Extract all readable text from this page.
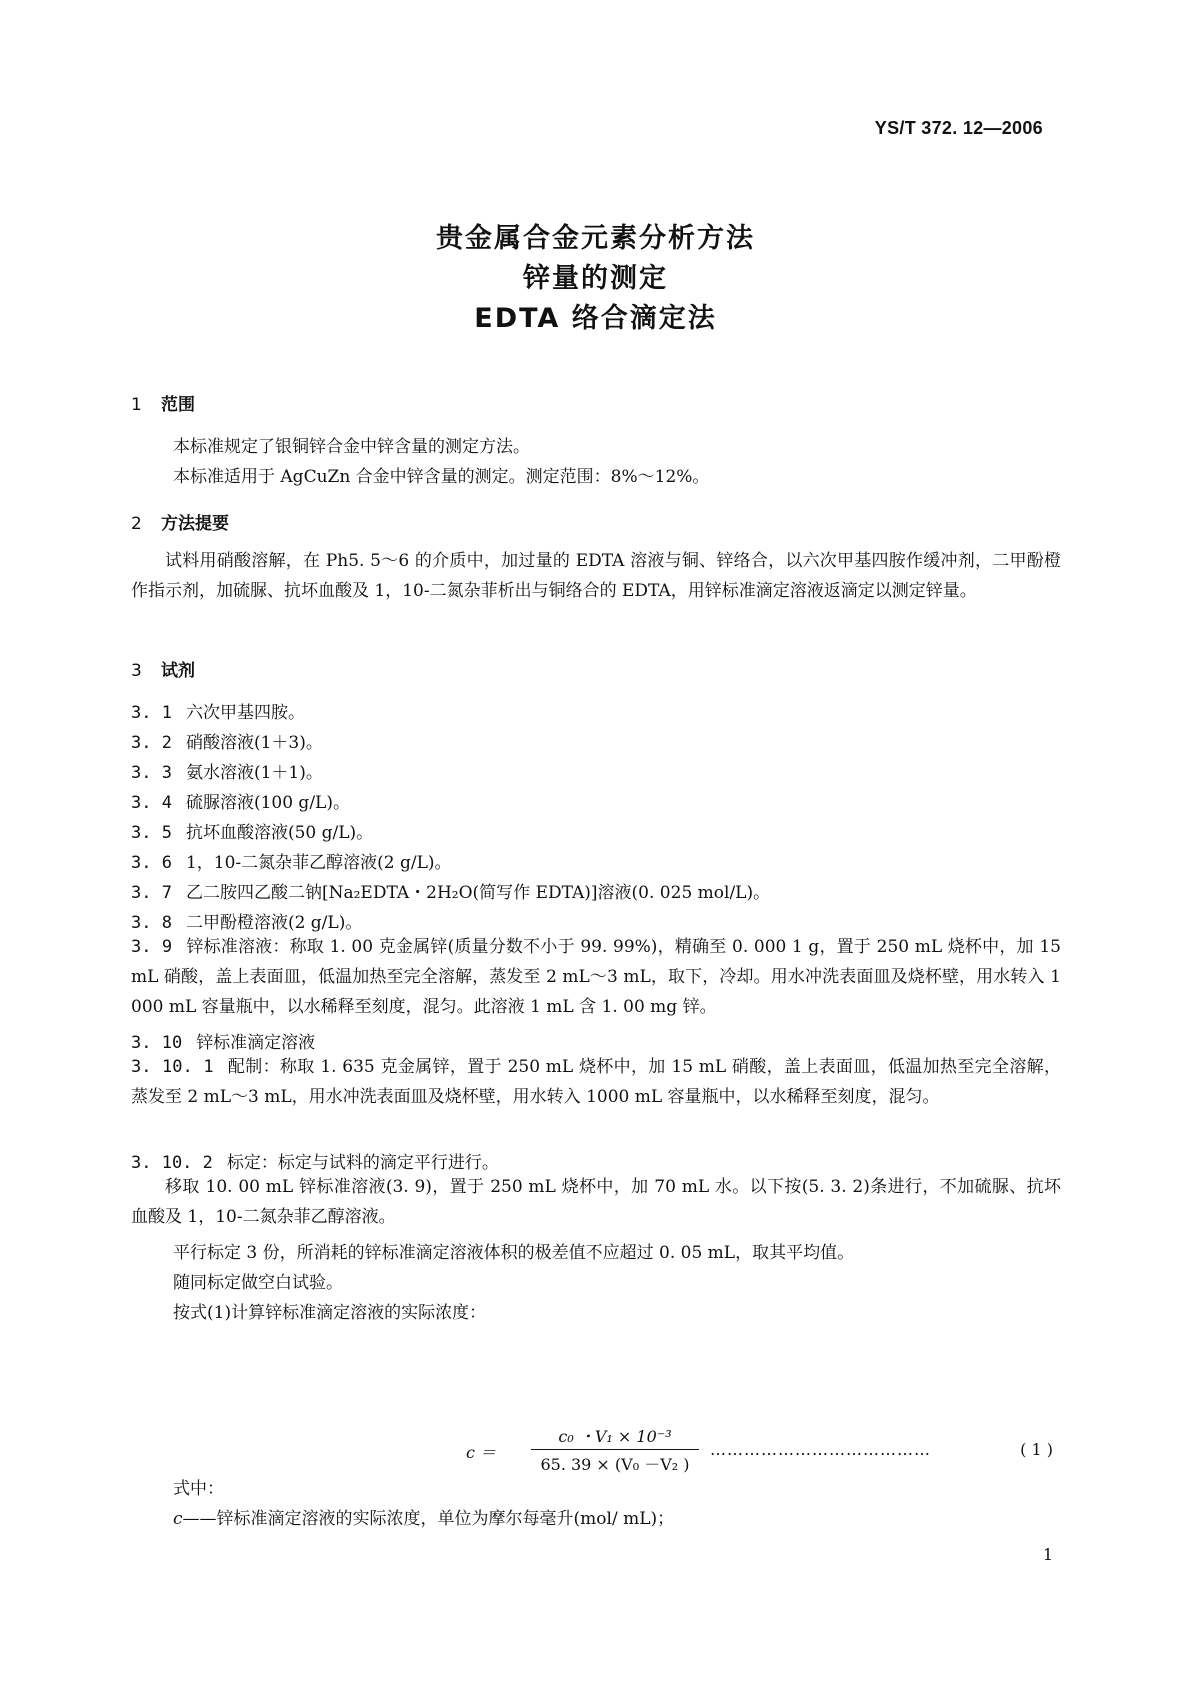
YS/T 372. 12—2006
贵金属合金元素分析方法
锌量的测定
EDTA 络合滴定法
1 范围
本标准规定了银铜锌合金中锌含量的测定方法。
本标准适用于 AgCuZn 合金中锌含量的测定。测定范围：8%～12%。
2 方法提要
试料用硝酸溶解，在 Ph5. 5～6 的介质中，加过量的 EDTA 溶液与铜、锌络合，以六次甲基四胺作缓冲剂，二甲酚橙作指示剂，加硫脲、抗坏血酸及 1，10-二氮杂菲析出与铜络合的 EDTA，用锌标准滴定溶液返滴定以测定锌量。
3 试剂
3. 1 六次甲基四胺。
3. 2 硝酸溶液(1＋3)。
3. 3 氨水溶液(1＋1)。
3. 4 硫脲溶液(100 g/L)。
3. 5 抗坏血酸溶液(50 g/L)。
3. 6 1，10-二氮杂菲乙醇溶液(2 g/L)。
3. 7 乙二胺四乙酸二钠[Na₂EDTA・2H₂O(简写作 EDTA)]溶液(0. 025 mol/L)。
3. 8 二甲酚橙溶液(2 g/L)。
3. 9 锌标准溶液：称取 1. 00 克金属锌(质量分数不小于 99. 99%)，精确至 0. 000 1 g，置于 250 mL 烧杯中，加 15 mL 硝酸，盖上表面皿，低温加热至完全溶解，蒸发至 2 mL～3 mL，取下，冷却。用水冲洗表面皿及烧杯壁，用水转入 1 000 mL 容量瓶中，以水稀释至刻度，混匀。此溶液 1 mL 含 1. 00 mg 锌。
3. 10 锌标准滴定溶液
3. 10. 1 配制：称取 1. 635 克金属锌，置于 250 mL 烧杯中，加 15 mL 硝酸，盖上表面皿，低温加热至完全溶解，蒸发至 2 mL～3 mL，用水冲洗表面皿及烧杯壁，用水转入 1000 mL 容量瓶中，以水稀释至刻度，混匀。
3. 10. 2 标定：标定与试料的滴定平行进行。
移取 10. 00 mL 锌标准溶液(3. 9)，置于 250 mL 烧杯中，加 70 mL 水。以下按(5. 3. 2)条进行，不加硫脲、抗坏血酸及 1，10-二氮杂菲乙醇溶液。
平行标定 3 份，所消耗的锌标准滴定溶液体积的极差值不应超过 0. 05 mL，取其平均值。
随同标定做空白试验。
按式(1)计算锌标准滴定溶液的实际浓度：
$c = \frac{\text{c₀ ・V₁ × 10⁻³}}{\text{65. 39 × (V₀ －V₂ )}}$ …………………………………	( 1 )
式中：
c——锌标准滴定溶液的实际浓度，单位为摩尔每毫升(mol/ mL)；
1
